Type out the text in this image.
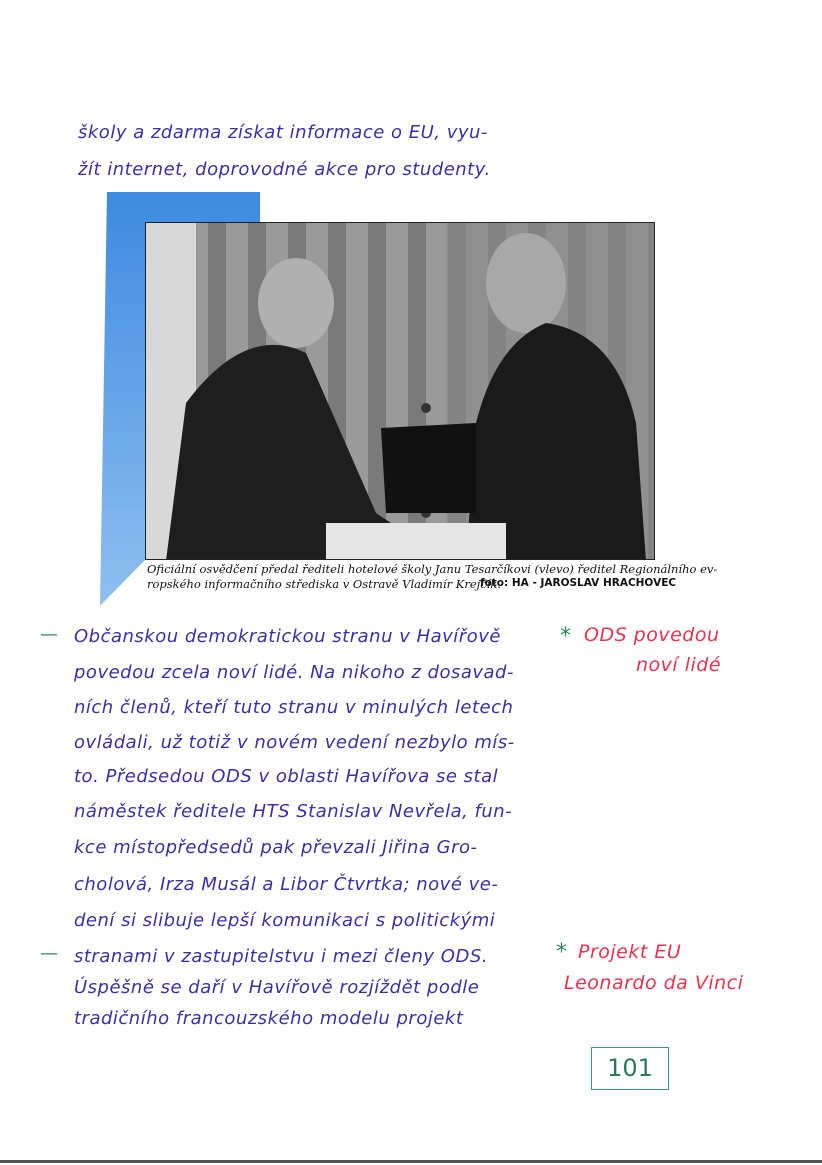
školy a zdarma získat informace o EU, vyu-
žít internet, doprovodné akce pro studenty.
Oficiální osvědčení předal řediteli hotelové školy Janu Tesarčíkovi (vlevo) ředitel Regionálního ev-
ropského informačního střediska v Ostravě Vladimír Krejčík.
foto: HA - JAROSLAV HRACHOVEC
—
—
Občanskou demokratickou stranu v Havířově
povedou zcela noví lidé. Na nikoho z dosavad-
ních členů, kteří tuto stranu v minulých letech
ovládali, už totiž v novém vedení nezbylo mís-
to. Předsedou ODS v oblasti Havířova se stal
náměstek ředitele HTS Stanislav Nevřela, fun-
kce místopředsedů pak převzali Jiřina Gro-
cholová, Irza Musál a Libor Čtvrtka; nové ve-
dení si slibuje lepší komunikaci s politickými
stranami v zastupitelstvu i mezi členy ODS.
Úspěšně se daří v Havířově rozjíždět podle
tradičního francouzského modelu projekt
* ODS povedou
noví lidé
* Projekt EU
Leonardo da Vinci
101
